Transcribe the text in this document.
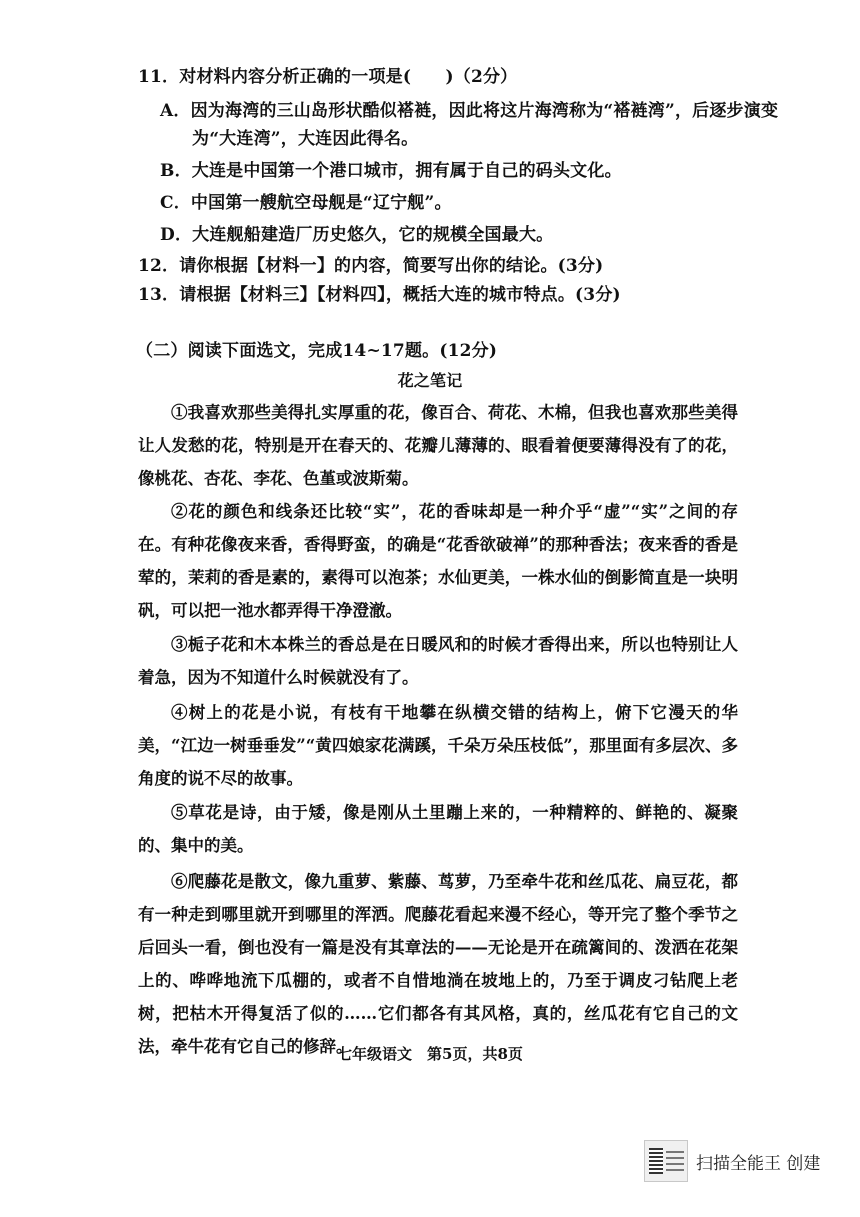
11．对材料内容分析正确的一项是(　　)（2分）
A．因为海湾的三山岛形状酷似褡裢，因此将这片海湾称为“褡裢湾”，后逐步演变
为“大连湾”，大连因此得名。
B．大连是中国第一个港口城市，拥有属于自己的码头文化。
C．中国第一艘航空母舰是“辽宁舰”。
D．大连舰船建造厂历史悠久，它的规模全国最大。
12．请你根据【材料一】的内容，简要写出你的结论。(3分)
13．请根据【材料三】【材料四】，概括大连的城市特点。(3分)
（二）阅读下面选文，完成14~17题。(12分)
花之笔记
①我喜欢那些美得扎实厚重的花，像百合、荷花、木棉，但我也喜欢那些美得让人发愁的花，特别是开在春天的、花瓣儿薄薄的、眼看着便要薄得没有了的花，像桃花、杏花、李花、色堇或波斯菊。
②花的颜色和线条还比较“实”，花的香味却是一种介乎“虚”“实”之间的存在。有种花像夜来香，香得野蛮，的确是“花香欲破禅”的那种香法；夜来香的香是荤的，茉莉的香是素的，素得可以泡茶；水仙更美，一株水仙的倒影简直是一块明矾，可以把一池水都弄得干净澄澈。
③栀子花和木本株兰的香总是在日暖风和的时候才香得出来，所以也特别让人着急，因为不知道什么时候就没有了。
④树上的花是小说，有枝有干地攀在纵横交错的结构上，俯下它漫天的华美，“江边一树垂垂发”“黄四娘家花满蹊，千朵万朵压枝低”，那里面有多层次、多角度的说不尽的故事。
⑤草花是诗，由于矮，像是刚从土里蹦上来的，一种精粹的、鲜艳的、凝聚的、集中的美。
⑥爬藤花是散文，像九重萝、紫藤、茑萝，乃至牵牛花和丝瓜花、扁豆花，都有一种走到哪里就开到哪里的浑洒。爬藤花看起来漫不经心，等开完了整个季节之后回头一看，倒也没有一篇是没有其章法的——无论是开在疏篱间的、泼洒在花架上的、哗哗地流下瓜棚的，或者不自惜地淌在坡地上的，乃至于调皮刁钻爬上老树，把枯木开得复活了似的……它们都各有其风格，真的，丝瓜花有它自己的文法，牵牛花有它自己的修辞。
七年级语文　第5页，共8页
扫描全能王 创建
